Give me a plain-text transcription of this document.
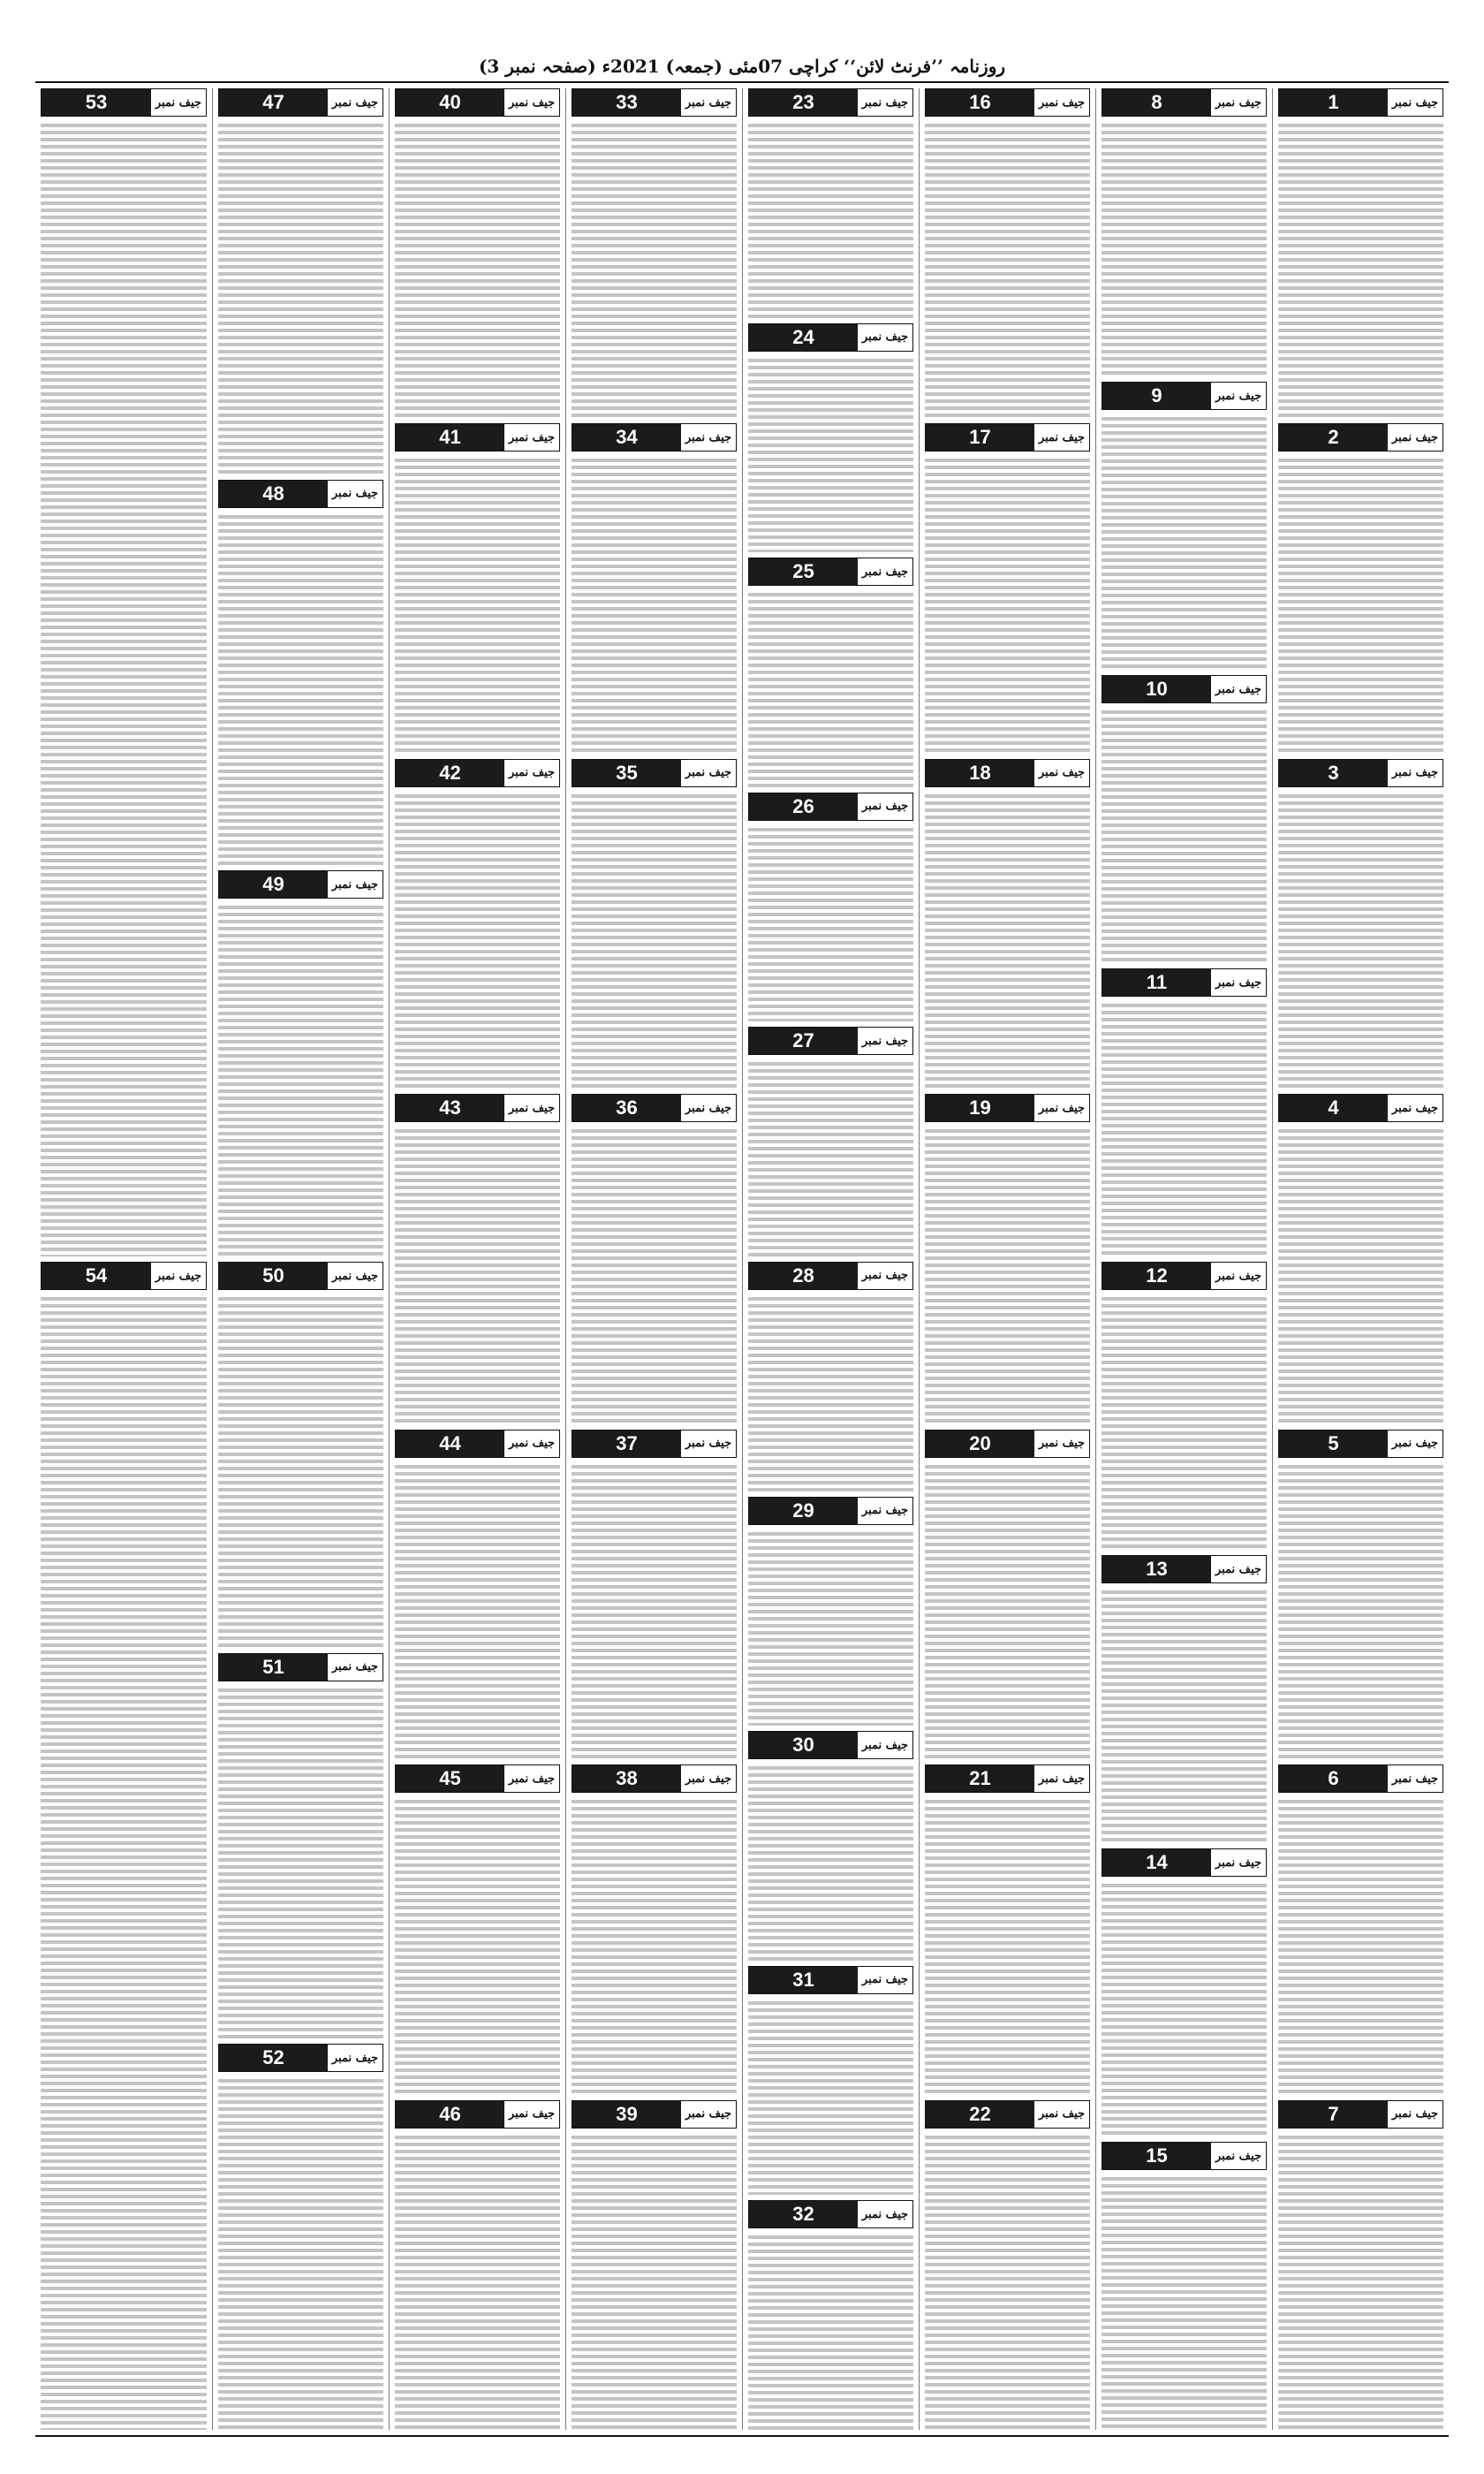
روزنامہ ’’فرنٹ لائن‘‘ کراچی 07مئی (جمعہ) 2021ء (صفحہ نمبر 3)
جیف نمبر
1
جیف نمبر
2
جیف نمبر
3
جیف نمبر
4
جیف نمبر
5
جیف نمبر
6
جیف نمبر
7
جیف نمبر
8
جیف نمبر
9
جیف نمبر
10
جیف نمبر
11
جیف نمبر
12
جیف نمبر
13
جیف نمبر
14
جیف نمبر
15
جیف نمبر
16
جیف نمبر
17
جیف نمبر
18
جیف نمبر
19
جیف نمبر
20
جیف نمبر
21
جیف نمبر
22
جیف نمبر
23
جیف نمبر
24
جیف نمبر
25
جیف نمبر
26
جیف نمبر
27
جیف نمبر
28
جیف نمبر
29
جیف نمبر
30
جیف نمبر
31
جیف نمبر
32
جیف نمبر
33
جیف نمبر
34
جیف نمبر
35
جیف نمبر
36
جیف نمبر
37
جیف نمبر
38
جیف نمبر
39
جیف نمبر
40
جیف نمبر
41
جیف نمبر
42
جیف نمبر
43
جیف نمبر
44
جیف نمبر
45
جیف نمبر
46
جیف نمبر
47
جیف نمبر
48
جیف نمبر
49
جیف نمبر
50
جیف نمبر
51
جیف نمبر
52
جیف نمبر
53
جیف نمبر
54
